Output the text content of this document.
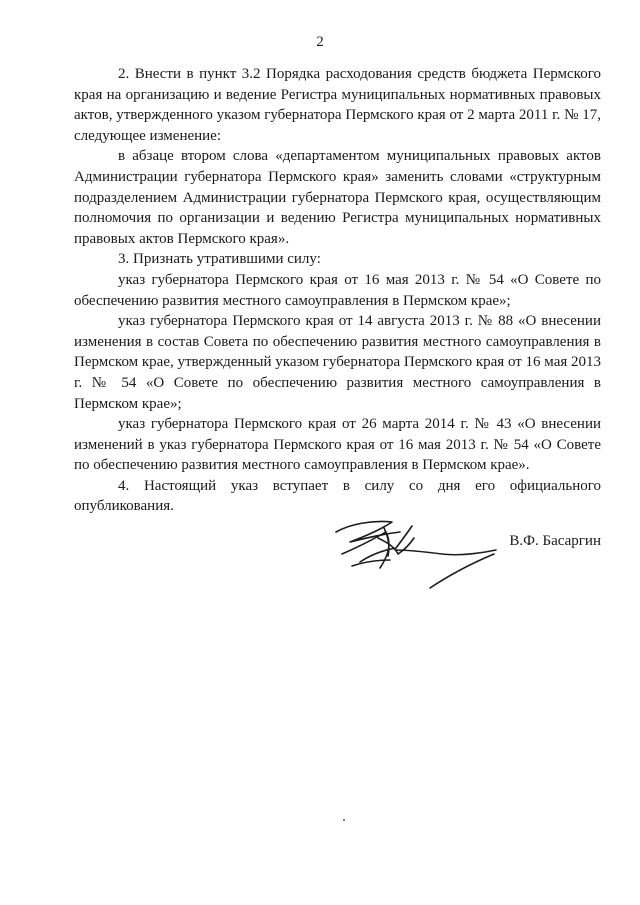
2

2. Внести в пункт 3.2 Порядка расходования средств бюджета Пермского края на организацию и ведение Регистра муниципальных нормативных правовых актов, утвержденного указом губернатора Пермского края от 2 марта 2011 г. № 17, следующее изменение:

в абзаце втором слова «департаментом муниципальных правовых актов Администрации губернатора Пермского края» заменить словами «структурным подразделением Администрации губернатора Пермского края, осуществляющим полномочия по организации и ведению Регистра муниципальных нормативных правовых актов Пермского края».

3. Признать утратившими силу:

указ губернатора Пермского края от 16 мая 2013 г. № 54 «О Совете по обеспечению развития местного самоуправления в Пермском крае»;

указ губернатора Пермского края от 14 августа 2013 г. № 88 «О внесении изменения в состав Совета по обеспечению развития местного самоуправления в Пермском крае, утвержденный указом губернатора Пермского края от 16 мая 2013 г. № 54 «О Совете по обеспечению развития местного самоуправления в Пермском крае»;

указ губернатора Пермского края от 26 марта 2014 г. № 43 «О внесении изменений в указ губернатора Пермского края от 16 мая 2013 г. № 54 «О Совете по обеспечению развития местного самоуправления в Пермском крае».

4. Настоящий указ вступает в силу со дня его официального опубликования.

В.Ф. Басаргин
